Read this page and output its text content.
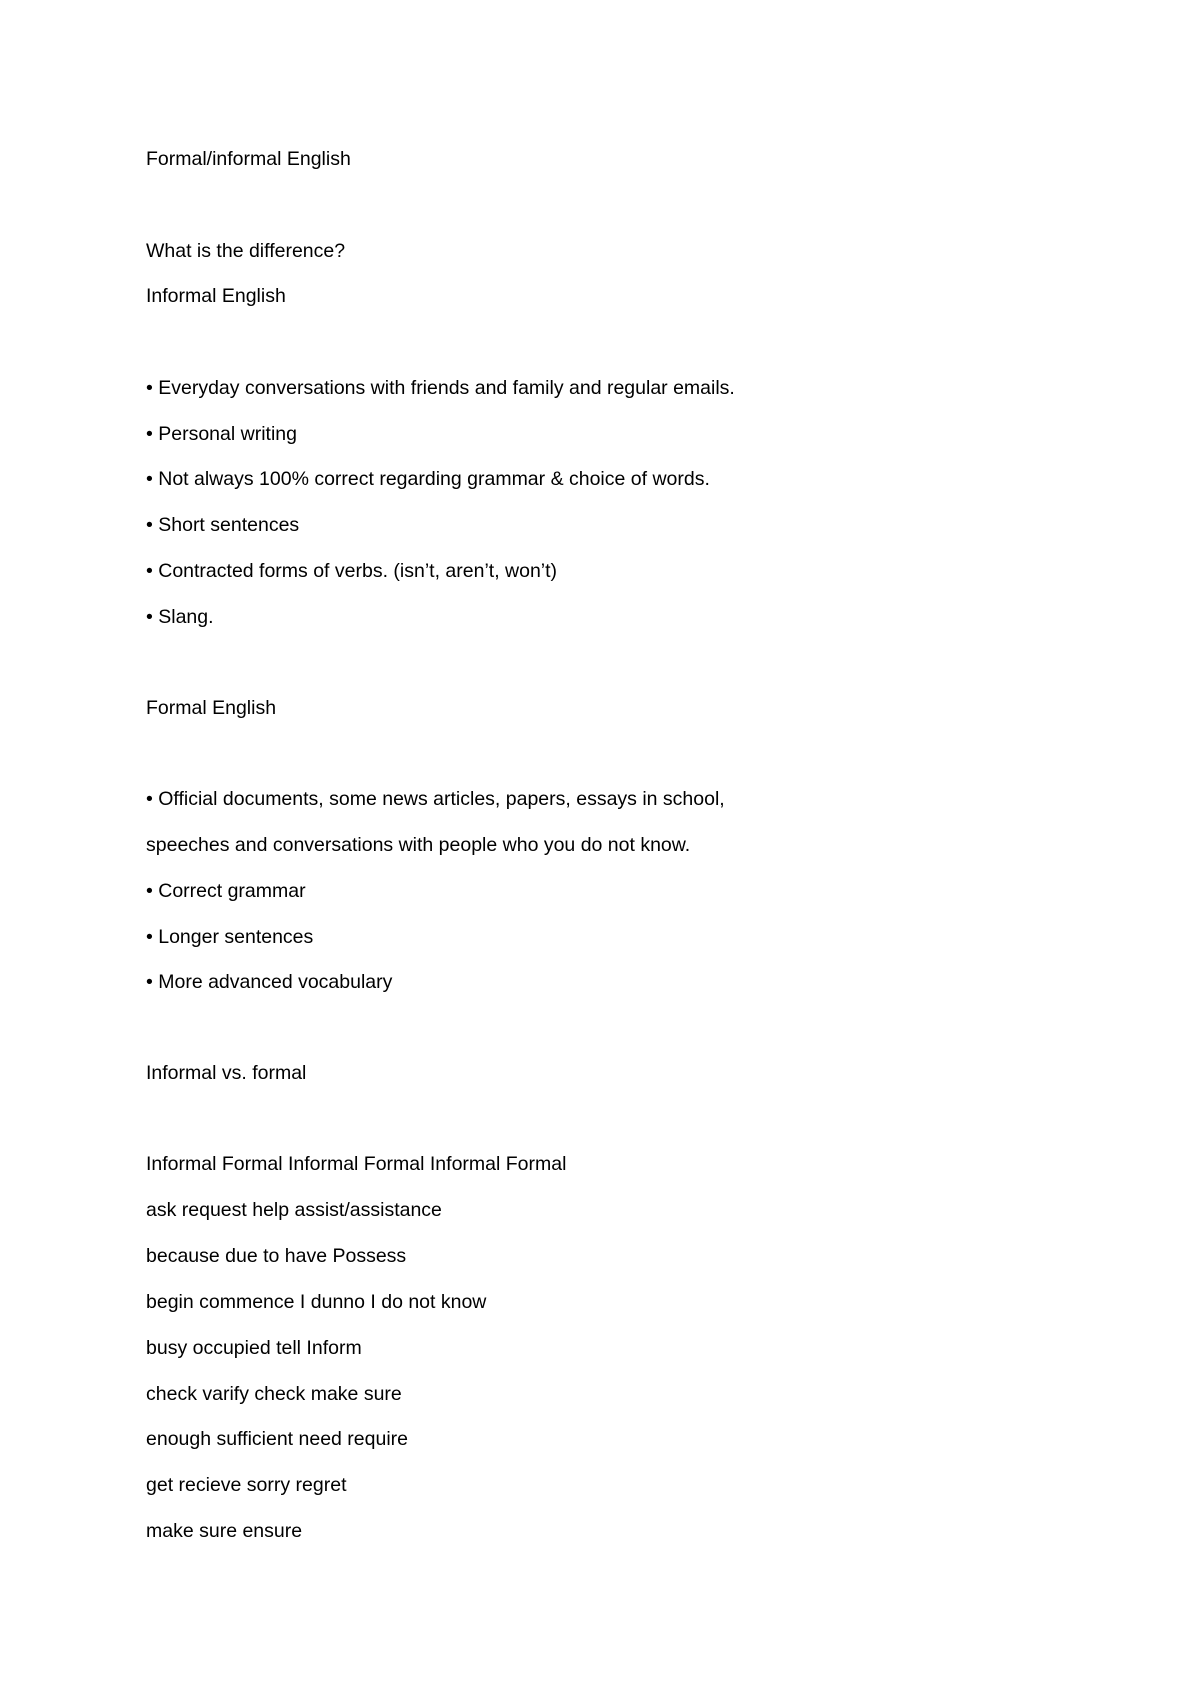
Formal/informal English
What is the difference?
Informal English
• Everyday conversations with friends and family and regular emails.
• Personal writing
• Not always 100% correct regarding grammar & choice of words.
• Short sentences
• Contracted forms of verbs. (isn’t, aren’t, won’t)
• Slang.
Formal English
• Official documents, some news articles, papers, essays in school,
speeches and conversations with people who you do not know.
• Correct grammar
• Longer sentences
• More advanced vocabulary
Informal vs. formal
Informal Formal Informal Formal Informal Formal
ask request help assist/assistance
because due to have Possess
begin commence I dunno I do not know
busy occupied tell Inform
check varify check make sure
enough sufficient need require
get recieve sorry regret
make sure ensure
